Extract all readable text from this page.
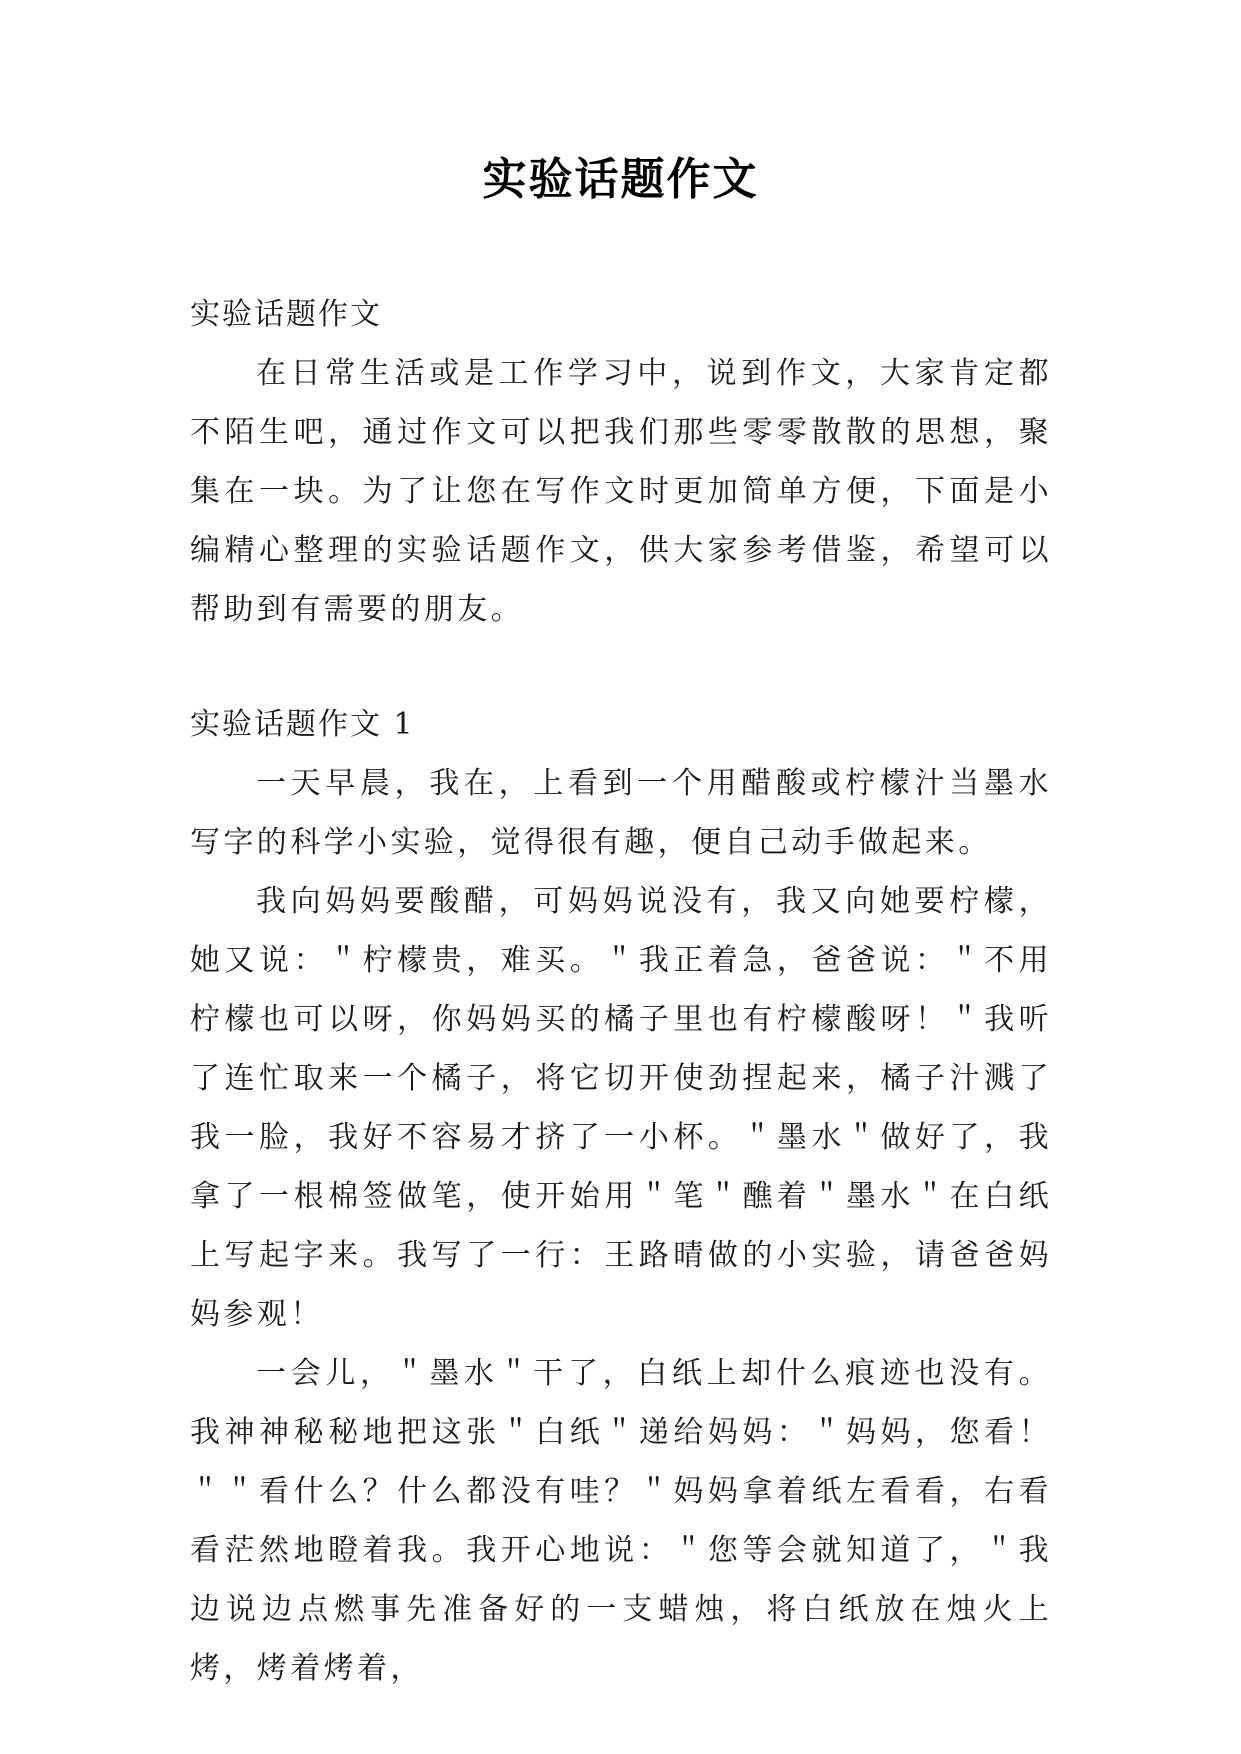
实验话题作文

实验话题作文

在日常生活或是工作学习中，说到作文，大家肯定都不陌生吧，通过作文可以把我们那些零零散散的思想，聚集在一块。为了让您在写作文时更加简单方便，下面是小编精心整理的实验话题作文，供大家参考借鉴，希望可以帮助到有需要的朋友。

实验话题作文 1

一天早晨，我在，上看到一个用醋酸或柠檬汁当墨水写字的科学小实验，觉得很有趣，便自己动手做起来。

我向妈妈要酸醋，可妈妈说没有，我又向她要柠檬，她又说：＂柠檬贵，难买。＂我正着急，爸爸说：＂不用柠檬也可以呀，你妈妈买的橘子里也有柠檬酸呀！＂我听了连忙取来一个橘子，将它切开使劲捏起来，橘子汁溅了我一脸，我好不容易才挤了一小杯。＂墨水＂做好了，我拿了一根棉签做笔，使开始用＂笔＂醮着＂墨水＂在白纸上写起字来。我写了一行：王路晴做的小实验，请爸爸妈妈参观！

一会儿，＂墨水＂干了，白纸上却什么痕迹也没有。我神神秘秘地把这张＂白纸＂递给妈妈：＂妈妈，您看！＂＂看什么？什么都没有哇？＂妈妈拿着纸左看看，右看看茫然地瞪着我。我开心地说：＂您等会就知道了，＂我边说边点燃事先准备好的一支蜡烛，将白纸放在烛火上烤，烤着烤着，
